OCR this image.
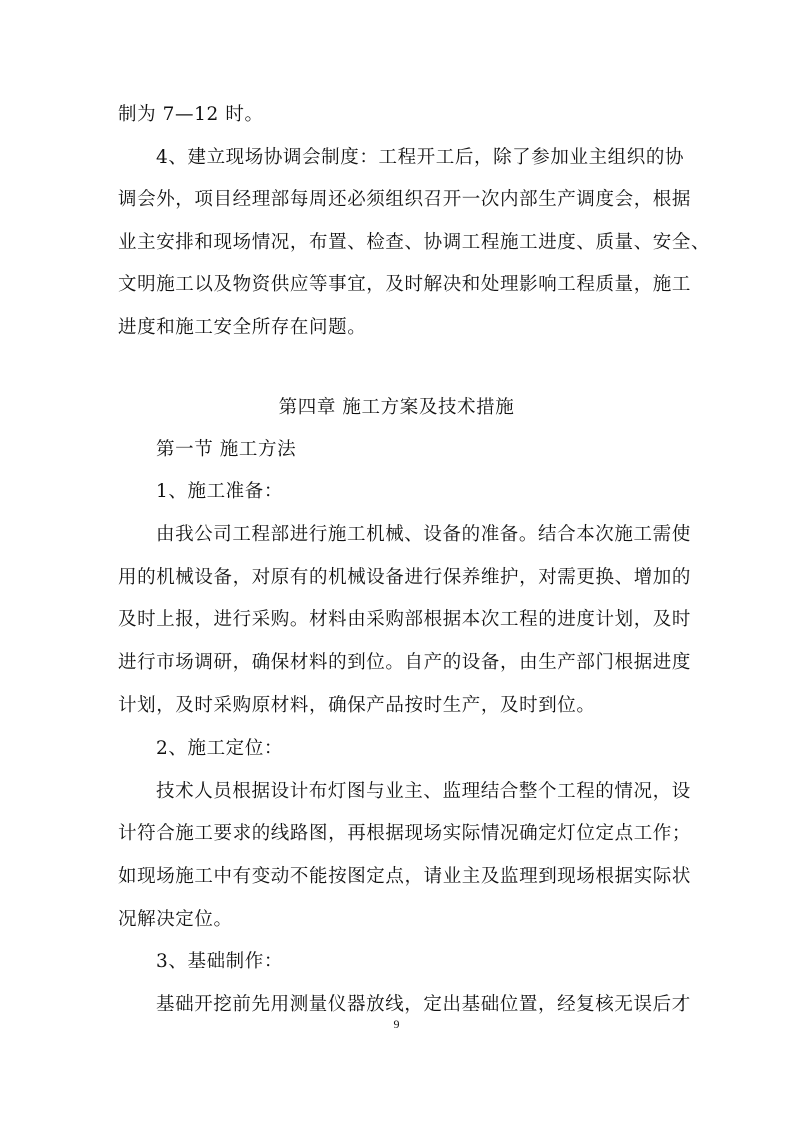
制为 7—12 时。
4、建立现场协调会制度：工程开工后，除了参加业主组织的协
调会外，项目经理部每周还必须组织召开一次内部生产调度会，根据
业主安排和现场情况，布置、检查、协调工程施工进度、质量、安全、
文明施工以及物资供应等事宜，及时解决和处理影响工程质量，施工
进度和施工安全所存在问题。
第四章 施工方案及技术措施
第一节 施工方法
1、施工准备：
由我公司工程部进行施工机械、设备的准备。结合本次施工需使
用的机械设备，对原有的机械设备进行保养维护，对需更换、增加的
及时上报，进行采购。材料由采购部根据本次工程的进度计划，及时
进行市场调研，确保材料的到位。自产的设备，由生产部门根据进度
计划，及时采购原材料，确保产品按时生产，及时到位。
2、施工定位：
技术人员根据设计布灯图与业主、监理结合整个工程的情况，设
计符合施工要求的线路图，再根据现场实际情况确定灯位定点工作；
如现场施工中有变动不能按图定点，请业主及监理到现场根据实际状
况解决定位。
3、基础制作：
基础开挖前先用测量仪器放线，定出基础位置，经复核无误后才
9
